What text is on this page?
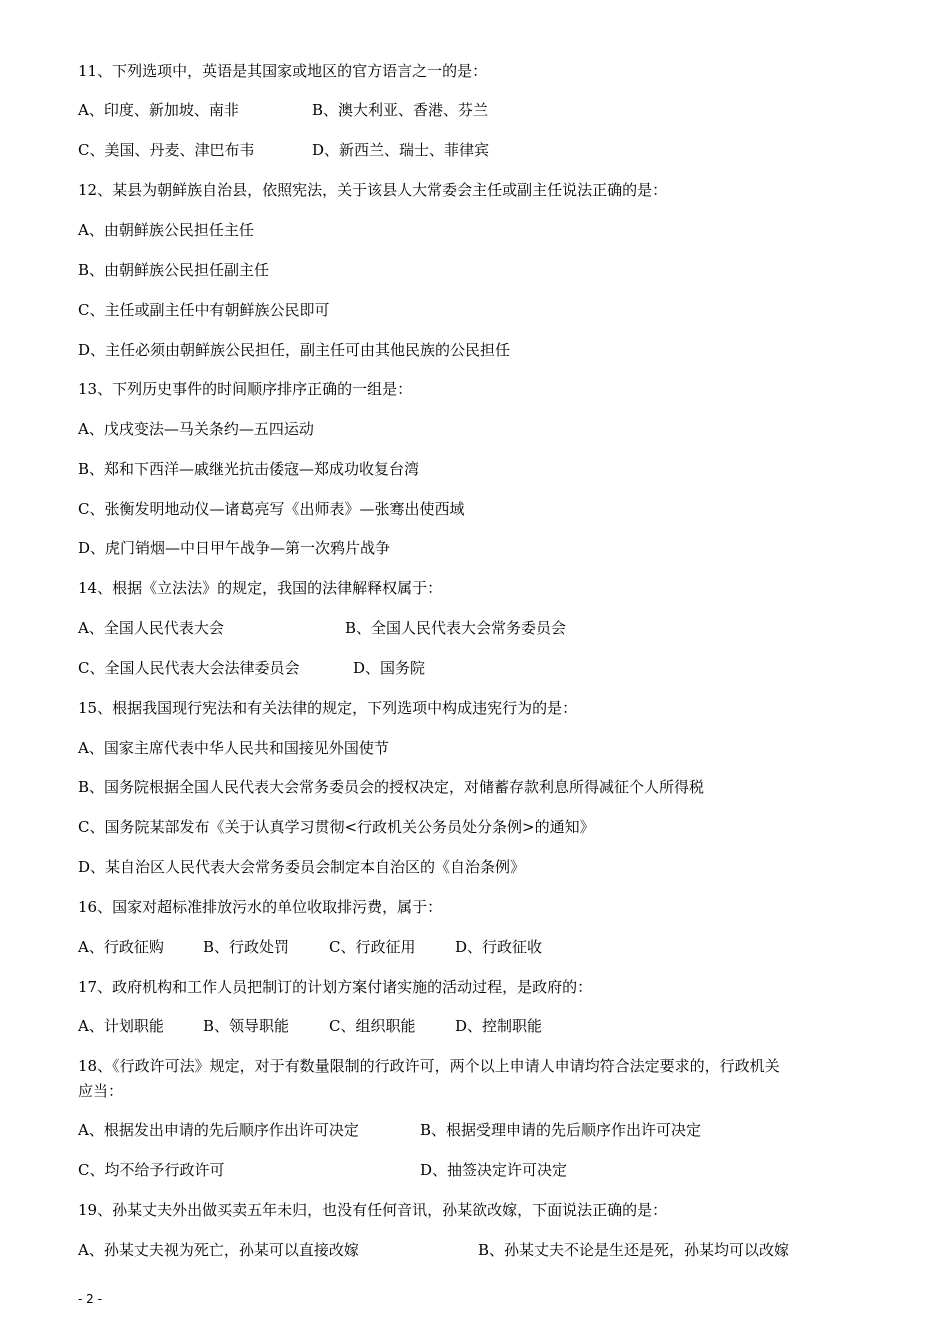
11、下列选项中，英语是其国家或地区的官方语言之一的是：
A、印度、新加坡、南非	B、澳大利亚、香港、芬兰
C、美国、丹麦、津巴布韦	D、新西兰、瑞士、菲律宾
12、某县为朝鲜族自治县，依照宪法，关于该县人大常委会主任或副主任说法正确的是：
A、由朝鲜族公民担任主任
B、由朝鲜族公民担任副主任
C、主任或副主任中有朝鲜族公民即可
D、主任必须由朝鲜族公民担任，副主任可由其他民族的公民担任
13、下列历史事件的时间顺序排序正确的一组是：
A、戊戌变法—马关条约—五四运动
B、郑和下西洋—戚继光抗击倭寇—郑成功收复台湾
C、张衡发明地动仪—诸葛亮写《出师表》—张骞出使西域
D、虎门销烟—中日甲午战争—第一次鸦片战争
14、根据《立法法》的规定，我国的法律解释权属于：
A、全国人民代表大会	B、全国人民代表大会常务委员会
C、全国人民代表大会法律委员会	D、国务院
15、根据我国现行宪法和有关法律的规定，下列选项中构成违宪行为的是：
A、国家主席代表中华人民共和国接见外国使节
B、国务院根据全国人民代表大会常务委员会的授权决定，对储蓄存款利息所得减征个人所得税
C、国务院某部发布《关于认真学习贯彻<行政机关公务员处分条例>的通知》
D、某自治区人民代表大会常务委员会制定本自治区的《自治条例》
16、国家对超标准排放污水的单位收取排污费，属于：
A、行政征购	B、行政处罚	C、行政征用	D、行政征收
17、政府机构和工作人员把制订的计划方案付诸实施的活动过程，是政府的：
A、计划职能	B、领导职能	C、组织职能	D、控制职能
18、《行政许可法》规定，对于有数量限制的行政许可，两个以上申请人申请均符合法定要求的，行政机关
应当：
A、根据发出申请的先后顺序作出许可决定	B、根据受理申请的先后顺序作出许可决定
C、均不给予行政许可	D、抽签决定许可决定
19、孙某丈夫外出做买卖五年未归，也没有任何音讯，孙某欲改嫁，下面说法正确的是：
A、孙某丈夫视为死亡，孙某可以直接改嫁	B、孙某丈夫不论是生还是死，孙某均可以改嫁
- 2 -
